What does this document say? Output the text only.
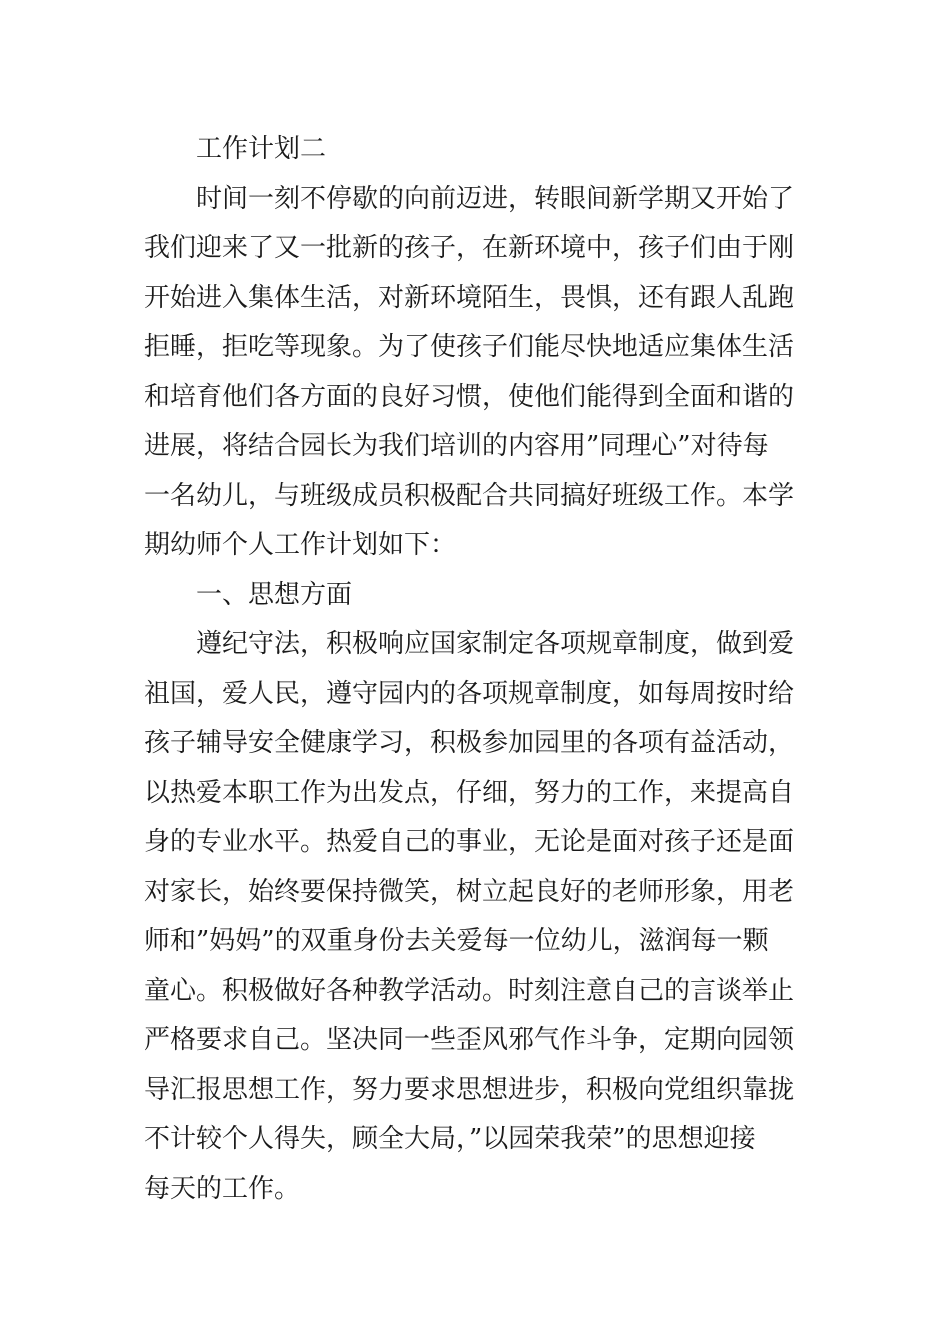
工作计划二
时间一刻不停歇的向前迈进，转眼间新学期又开始了
我们迎来了又一批新的孩子，在新环境中，孩子们由于刚
开始进入集体生活，对新环境陌生，畏惧，还有跟人乱跑
拒睡，拒吃等现象。为了使孩子们能尽快地适应集体生活
和培育他们各方面的良好习惯，使他们能得到全面和谐的
进展，将结合园长为我们培训的内容用”同理心”对待每
一名幼儿，与班级成员积极配合共同搞好班级工作。本学
期幼师个人工作计划如下：
一、思想方面
遵纪守法，积极响应国家制定各项规章制度，做到爱
祖国，爱人民，遵守园内的各项规章制度，如每周按时给
孩子辅导安全健康学习，积极参加园里的各项有益活动，
以热爱本职工作为出发点，仔细，努力的工作，来提高自
身的专业水平。热爱自己的事业，无论是面对孩子还是面
对家长，始终要保持微笑，树立起良好的老师形象，用老
师和”妈妈”的双重身份去关爱每一位幼儿，滋润每一颗
童心。积极做好各种教学活动。时刻注意自己的言谈举止
严格要求自己。坚决同一些歪风邪气作斗争，定期向园领
导汇报思想工作，努力要求思想进步，积极向党组织靠拢
不计较个人得失，顾全大局，”以园荣我荣”的思想迎接
每天的工作。
